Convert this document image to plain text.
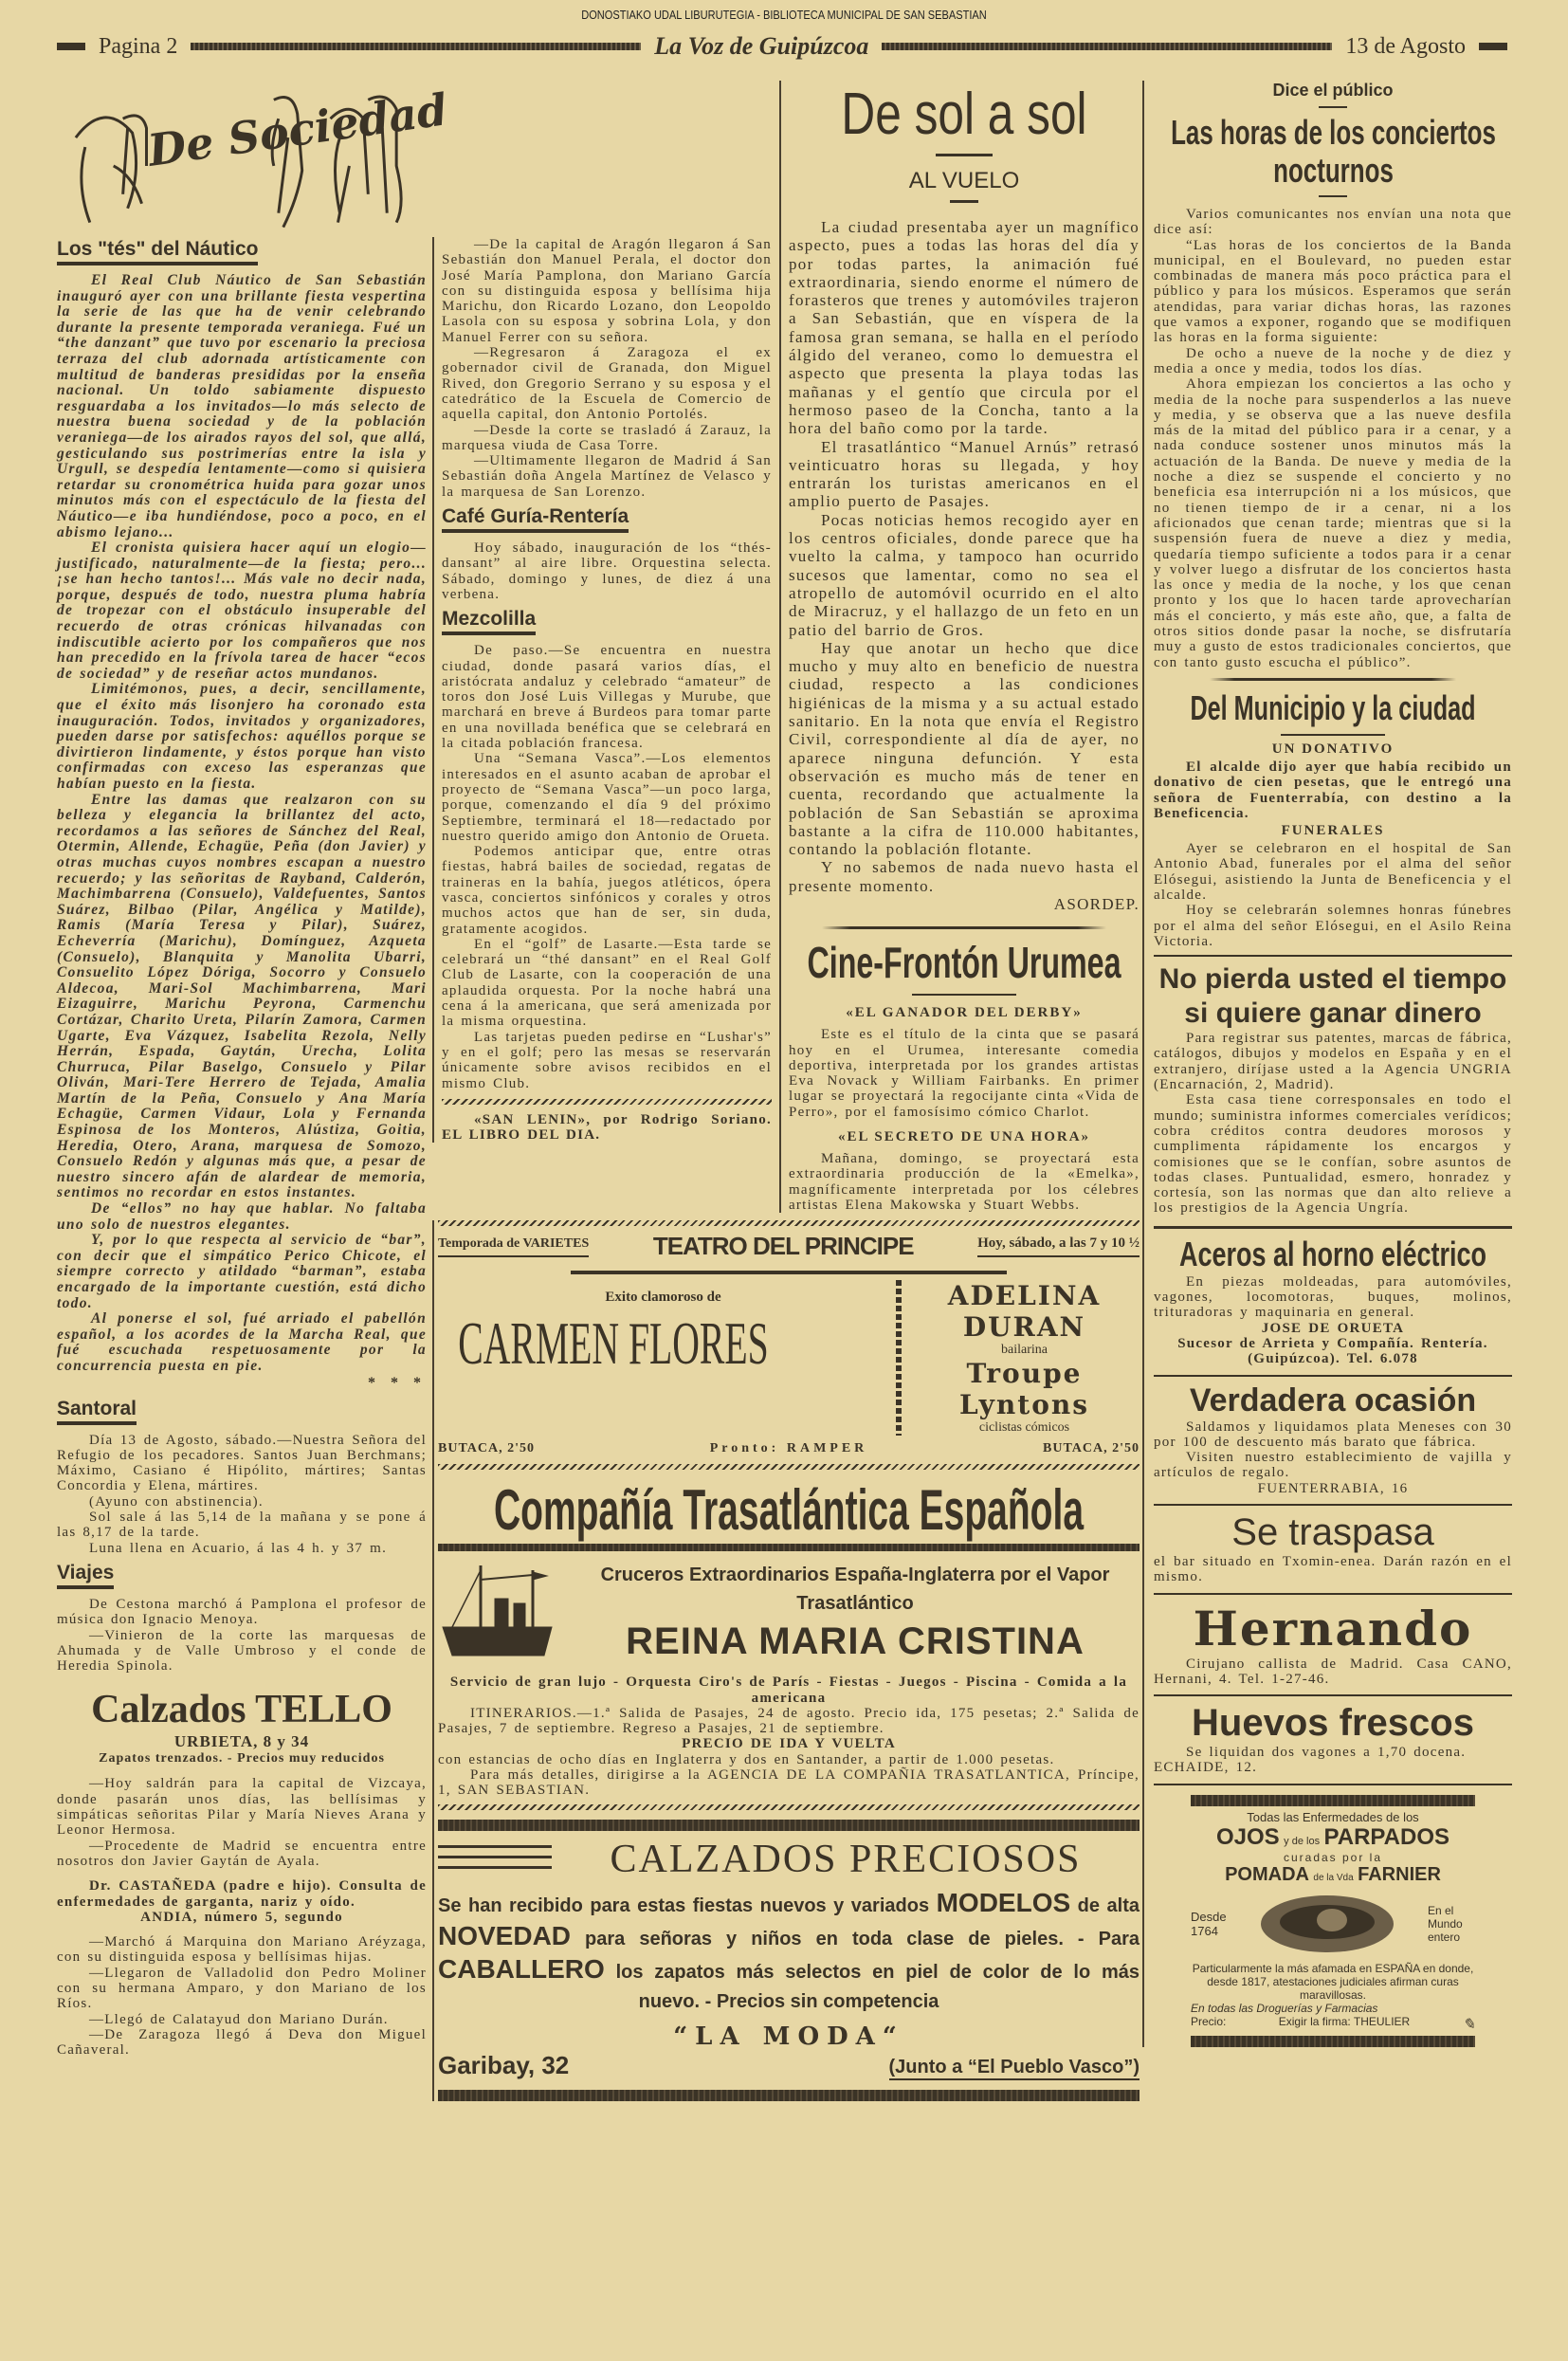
DONOSTIAKO UDAL LIBURUTEGIA - BIBLIOTECA MUNICIPAL DE SAN SEBASTIAN
Pagina 2	La Voz de Guipúzcoa	13 de Agosto
De Sociedad
Los "tés" del Náutico

El Real Club Náutico de San Sebastián inauguró ayer con una brillante fiesta vespertina la serie de las que ha de venir celebrando durante la presente temporada veraniega. Fué un “the danzant” que tuvo por escenario la preciosa terraza del club adornada artísticamente con multitud de banderas presididas por la enseña nacional. Un toldo sabiamente dispuesto resguardaba a los invitados—lo más selecto de nuestra buena sociedad y de la población veraniega—de los airados rayos del sol, que allá, gesticulando sus postrimerías entre la isla y Urgull, se despedía lentamente—como si quisiera retardar su cronométrica huida para gozar unos minutos más con el espectáculo de la fiesta del Náutico—e iba hundiéndose, poco a poco, en el abismo lejano...

El cronista quisiera hacer aquí un elogio—justificado, naturalmente—de la fiesta; pero... ¡se han hecho tantos!... Más vale no decir nada, porque, después de todo, nuestra pluma habría de tropezar con el obstáculo insuperable del recuerdo de otras crónicas hilvanadas con indiscutible acierto por los compañeros que nos han precedido en la frívola tarea de hacer “ecos de sociedad” y de reseñar actos mundanos.

Limitémonos, pues, a decir, sencillamente, que el éxito más lisonjero ha coronado esta inauguración. Todos, invitados y organizadores, pueden darse por satisfechos: aquéllos porque se divirtieron lindamente, y éstos porque han visto confirmadas con exceso las esperanzas que habían puesto en la fiesta.

Entre las damas que realzaron con su belleza y elegancia la brillantez del acto, recordamos a las señores de Sánchez del Real, Otermin, Allende, Echagüe, Peña (don Javier) y otras muchas cuyos nombres escapan a nuestro recuerdo; y las señoritas de Rayband, Calderón, Machimbarrena (Consuelo), Valdefuentes, Santos Suárez, Bilbao (Pilar, Angélica y Matilde), Ramis (María Teresa y Pilar), Suárez, Echeverría (Marichu), Domínguez, Azqueta (Consuelo), Blanquita y Manolita Ubarri, Consuelito López Dóriga, Socorro y Consuelo Aldecoa, Mari-Sol Machimbarrena, Mari Eizaguirre, Marichu Peyrona, Carmenchu Cortázar, Charito Ureta, Pilarín Zamora, Carmen Ugarte, Eva Vázquez, Isabelita Rezola, Nelly Herrán, Espada, Gaytán, Urecha, Lolita Churruca, Pilar Baselgo, Consuelo y Pilar Oliván, Mari-Tere Herrero de Tejada, Amalia Martín de la Peña, Consuelo y Ana María Echagüe, Carmen Vidaur, Lola y Fernanda Espinosa de los Monteros, Alústiza, Goitia, Heredia, Otero, Arana, marquesa de Somozo, Consuelo Redón y algunas más que, a pesar de nuestro sincero afán de alardear de memoria, sentimos no recordar en estos instantes.

De “ellos” no hay que hablar. No faltaba uno solo de nuestros elegantes.

Y, por lo que respecta al servicio de “bar”, con decir que el simpático Perico Chicote, el siempre correcto y atildado “barman”, estaba encargado de la importante cuestión, está dicho todo.

Al ponerse el sol, fué arriado el pabellón español, a los acordes de la Marcha Real, que fué escuchada respetuosamente por la concurrencia puesta en pie.

* * *
Santoral

Día 13 de Agosto, sábado.—Nuestra Señora del Refugio de los pecadores. Santos Juan Berchmans; Máximo, Casiano é Hipólito, mártires; Santas Concordia y Elena, mártires.

(Ayuno con abstinencia).

Sol sale á las 5,14 de la mañana y se pone á las 8,17 de la tarde.

Luna llena en Acuario, á las 4 h. y 37 m.

Viajes

De Cestona marchó á Pamplona el profesor de música don Ignacio Menoya.

—Vinieron de la corte las marquesas de Ahumada y de Valle Umbroso y el conde de Heredia Spinola.

Calzados TELLO
URBIETA, 8 y 34
Zapatos trenzados. - Precios muy reducidos

—Hoy saldrán para la capital de Vizcaya, donde pasarán unos días, las bellísimas y simpáticas señoritas Pilar y María Nieves Arana y Leonor Hermosa.

—Procedente de Madrid se encuentra entre nosotros don Javier Gaytán de Ayala.

Dr. CASTAÑEDA (padre e hijo). Consulta de enfermedades de garganta, nariz y oído.

ANDIA, número 5, segundo

—Marchó á Marquina don Mariano Aréyzaga, con su distinguida esposa y bellísimas hijas.

—Llegaron de Valladolid don Pedro Moliner con su hermana Amparo, y don Mariano de los Ríos.

—Llegó de Calatayud don Mariano Durán.

—De Zaragoza llegó á Deva don Miguel Cañaveral.

—De la capital de Aragón llegaron á San Sebastián don Manuel Perala, el doctor don José María Pamplona, don Mariano García con su distinguida esposa y bellísima hija Marichu, don Ricardo Lozano, don Leopoldo Lasola con su esposa y sobrina Lola, y don Manuel Ferrer con su señora.

—Regresaron á Zaragoza el ex gobernador civil de Granada, don Miguel Rived, don Gregorio Serrano y su esposa y el catedrático de la Escuela de Comercio de aquella capital, don Antonio Portolés.

—Desde la corte se trasladó á Zarauz, la marquesa viuda de Casa Torre.

—Ultimamente llegaron de Madrid á San Sebastián doña Angela Martínez de Velasco y la marquesa de San Lorenzo.

Café Guría-Rentería

Hoy sábado, inauguración de los “thés-dansant” al aire libre. Orquestina selecta. Sábado, domingo y lunes, de diez á una verbena.

Mezcolilla

De paso.—Se encuentra en nuestra ciudad, donde pasará varios días, el aristócrata andaluz y celebrado “amateur” de toros don José Luis Villegas y Murube, que marchará en breve á Burdeos para tomar parte en una novillada benéfica que se celebrará en la citada población francesa.

Una “Semana Vasca”.—Los elementos interesados en el asunto acaban de aprobar el proyecto de “Semana Vasca”—un poco larga, porque, comenzando el día 9 del próximo Septiembre, terminará el 18—redactado por nuestro querido amigo don Antonio de Orueta.

Podemos anticipar que, entre otras fiestas, habrá bailes de sociedad, regatas de traineras en la bahía, juegos atléticos, ópera vasca, conciertos sinfónicos y corales y otros muchos actos que han de ser, sin duda, gratamente acogidos.

En el “golf” de Lasarte.—Esta tarde se celebrará un “thé dansant” en el Real Golf Club de Lasarte, con la cooperación de una aplaudida orquesta. Por la noche habrá una cena á la americana, que será amenizada por la misma orquestina.

Las tarjetas pueden pedirse en “Lushar's” y en el golf; pero las mesas se reservarán únicamente sobre avisos recibidos en el mismo Club.

«SAN LENIN», por Rodrigo Soriano. EL LIBRO DEL DIA.

De sol a sol
AL VUELO

La ciudad presentaba ayer un magnífico aspecto, pues a todas las horas del día y por todas partes, la animación fué extraordinaria, siendo enorme el número de forasteros que trenes y automóviles trajeron a San Sebastián, que en víspera de la famosa gran semana, se halla en el período álgido del veraneo, como lo demuestra el aspecto que presenta la playa todas las mañanas y el gentío que circula por el hermoso paseo de la Concha, tanto a la hora del baño como por la tarde.

El trasatlántico “Manuel Arnús” retrasó veinticuatro horas su llegada, y hoy entrarán los turistas americanos en el amplio puerto de Pasajes.

Pocas noticias hemos recogido ayer en los centros oficiales, donde parece que ha vuelto la calma, y tampoco han ocurrido sucesos que lamentar, como no sea el atropello de automóvil ocurrido en el alto de Miracruz, y el hallazgo de un feto en un patio del barrio de Gros.

Hay que anotar un hecho que dice mucho y muy alto en beneficio de nuestra ciudad, respecto a las condiciones higiénicas de la misma y a su actual estado sanitario. En la nota que envía el Registro Civil, correspondiente al día de ayer, no aparece ninguna defunción. Y esta observación es mucho más de tener en cuenta, recordando que actualmente la población de San Sebastián se aproxima bastante a la cifra de 110.000 habitantes, contando la población flotante.

Y no sabemos de nada nuevo hasta el presente momento.

ASORDEP.

Cine-Frontón Urumea
«EL GANADOR DEL DERBY»

Este es el título de la cinta que se pasará hoy en el Urumea, interesante comedia deportiva, interpretada por los grandes artistas Eva Novack y William Fairbanks. En primer lugar se proyectará la regocijante cinta «Vida de Perro», por el famosísimo cómico Charlot.

«EL SECRETO DE UNA HORA»

Mañana, domingo, se proyectará esta extraordinaria producción de la «Emelka», magníficamente interpretada por los célebres artistas Elena Makowska y Stuart Webbs.

Temporada de VARIETES	TEATRO DEL PRINCIPE	Hoy, sábado, a las 7 y 10 ½
Exito clamoroso de
CARMEN FLORES
ADELINA DURAN
bailarina
Troupe Lyntons
ciclistas cómicos
BUTACA, 2'50	Pronto: RAMPER	BUTACA, 2'50
Compañía Trasatlántica Española
Cruceros Extraordinarios España-Inglaterra por el Vapor Trasatlántico
REINA MARIA CRISTINA

Servicio de gran lujo - Orquesta Ciro's de París - Fiestas - Juegos - Piscina - Comida a la americana

ITINERARIOS.—1.ª Salida de Pasajes, 24 de agosto. Precio ida, 175 pesetas; 2.ª Salida de Pasajes, 7 de septiembre. Regreso a Pasajes, 21 de septiembre.

PRECIO DE IDA Y VUELTA

con estancias de ocho días en Inglaterra y dos en Santander, a partir de 1.000 pesetas.

Para más detalles, dirigirse a la AGENCIA DE LA COMPAÑIA TRASATLANTICA, Príncipe, 1, SAN SEBASTIAN.

CALZADOS PRECIOSOS
Se han recibido para estas fiestas nuevos y variados MODELOS de alta NOVEDAD para señoras y niños en toda clase de pieles. - Para CABALLERO los zapatos más selectos en piel de color de lo más nuevo. - Precios sin competencia
“LA MODA“
Garibay, 32	(Junto a “El Pueblo Vasco”)
Dice el público
Las horas de los conciertos nocturnos

Varios comunicantes nos envían una nota que dice así:

“Las horas de los conciertos de la Banda municipal, en el Boulevard, no pueden estar combinadas de manera más poco práctica para el público y para los músicos. Esperamos que serán atendidas, para variar dichas horas, las razones que vamos a exponer, rogando que se modifiquen las horas en la forma siguiente:

De ocho a nueve de la noche y de diez y media a once y media, todos los días.

Ahora empiezan los conciertos a las ocho y media de la noche para suspenderlos a las nueve y media, y se observa que a las nueve desfila más de la mitad del público para ir a cenar, y a nada conduce sostener unos minutos más la actuación de la Banda. De nueve y media de la noche a diez se suspende el concierto y no beneficia esa interrupción ni a los músicos, que no tienen tiempo de ir a cenar, ni a los aficionados que cenan tarde; mientras que si la suspensión fuera de nueve a diez y media, quedaría tiempo suficiente a todos para ir a cenar y volver luego a disfrutar de los conciertos hasta las once y media de la noche, y los que cenan pronto y los que lo hacen tarde aprovecharían más el concierto, y más este año, que, a falta de otros sitios donde pasar la noche, se disfrutaría muy a gusto de estos tradicionales conciertos, que con tanto gusto escucha el público”.

Del Municipio y la ciudad
UN DONATIVO

El alcalde dijo ayer que había recibido un donativo de cien pesetas, que le entregó una señora de Fuenterrabía, con destino a la Beneficencia.

FUNERALES

Ayer se celebraron en el hospital de San Antonio Abad, funerales por el alma del señor Elósegui, asistiendo la Junta de Beneficencia y el alcalde.

Hoy se celebrarán solemnes honras fúnebres por el alma del señor Elósegui, en el Asilo Reina Victoria.

No pierda usted el tiempo si quiere ganar dinero

Para registrar sus patentes, marcas de fábrica, catálogos, dibujos y modelos en España y en el extranjero, diríjase usted a la Agencia UNGRIA (Encarnación, 2, Madrid).

Esta casa tiene corresponsales en todo el mundo; suministra informes comerciales verídicos; cobra créditos contra deudores morosos y cumplimenta rápidamente los encargos y comisiones que se le confían, sobre asuntos de todas clases. Puntualidad, esmero, honradez y cortesía, son las normas que dan alto relieve a los prestigios de la Agencia Ungría.

Aceros al horno eléctrico

En piezas moldeadas, para automóviles, vagones, locomotoras, buques, molinos, trituradoras y maquinaria en general.

JOSE DE ORUETA

Sucesor de Arrieta y Compañía. Rentería. (Guipúzcoa). Tel. 6.078

Verdadera ocasión

Saldamos y liquidamos plata Meneses con 30 por 100 de descuento más barato que fábrica.

Visiten nuestro establecimiento de vajilla y artículos de regalo.

FUENTERRABIA, 16

Se traspasa

el bar situado en Txomin-enea. Darán razón en el mismo.

Hernando

Cirujano callista de Madrid. Casa CANO, Hernani, 4. Tel. 1-27-46.

Huevos frescos

Se liquidan dos vagones a 1,70 docena.

ECHAIDE, 12.

Todas las Enfermedades de los
OJOS y de los PARPADOS
curadas por la
POMADA de la Vda FARNIER
Desde
1764
En el Mundo entero
Particularmente la más afamada en ESPAÑA en donde, desde 1817, atestaciones judiciales afirman curas maravillosas.
En todas las Droguerías y Farmacias
Precio:	Exigir la firma: THEULIER	✎
